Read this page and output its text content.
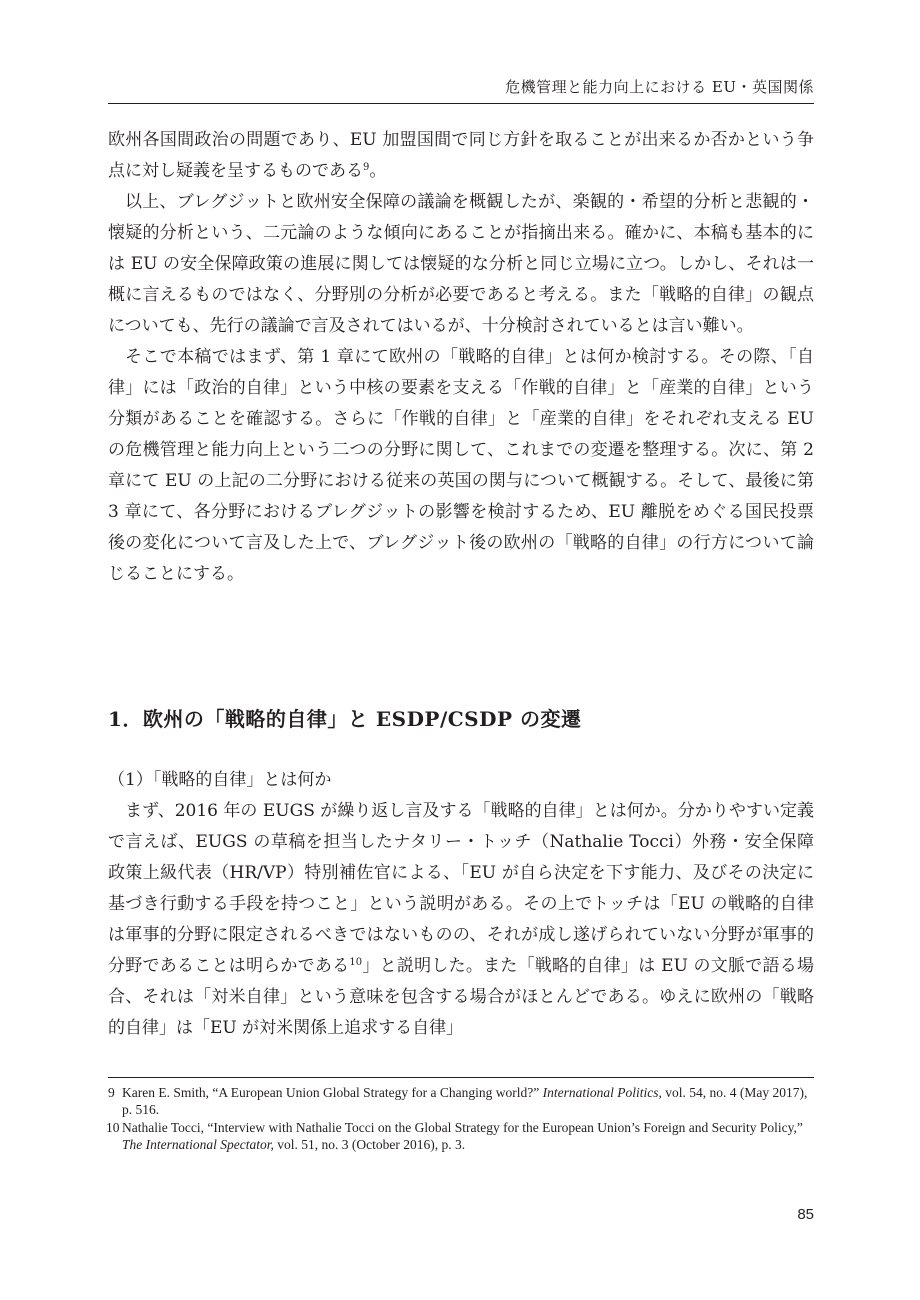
危機管理と能力向上における EU・英国関係

欧州各国間政治の問題であり、EU 加盟国間で同じ方針を取ることが出来るか否かという争点に対し疑義を呈するものである$^9$。

以上、ブレグジットと欧州安全保障の議論を概観したが、楽観的・希望的分析と悲観的・懐疑的分析という、二元論のような傾向にあることが指摘出来る。確かに、本稿も基本的には EU の安全保障政策の進展に関しては懐疑的な分析と同じ立場に立つ。しかし、それは一概に言えるものではなく、分野別の分析が必要であると考える。また「戦略的自律」の観点についても、先行の議論で言及されてはいるが、十分検討されているとは言い難い。

そこで本稿ではまず、第 1 章にて欧州の「戦略的自律」とは何か検討する。その際、「自律」には「政治的自律」という中核の要素を支える「作戦的自律」と「産業的自律」という分類があることを確認する。さらに「作戦的自律」と「産業的自律」をそれぞれ支える EU の危機管理と能力向上という二つの分野に関して、これまでの変遷を整理する。次に、第 2 章にて EU の上記の二分野における従来の英国の関与について概観する。そして、最後に第 3 章にて、各分野におけるブレグジットの影響を検討するため、EU 離脱をめぐる国民投票後の変化について言及した上で、ブレグジット後の欧州の「戦略的自律」の行方について論じることにする。

1．欧州の「戦略的自律」と ESDP/CSDP の変遷

（1）「戦略的自律」とは何か

まず、2016 年の EUGS が繰り返し言及する「戦略的自律」とは何か。分かりやすい定義で言えば、EUGS の草稿を担当したナタリー・トッチ（Nathalie Tocci）外務・安全保障政策上級代表（HR/VP）特別補佐官による、「EU が自ら決定を下す能力、及びその決定に基づき行動する手段を持つこと」という説明がある。その上でトッチは「EU の戦略的自律は軍事的分野に限定されるべきではないものの、それが成し遂げられていない分野が軍事的分野であることは明らかである$^{10}$」と説明した。また「戦略的自律」は EU の文脈で語る場合、それは「対米自律」という意味を包含する場合がほとんどである。ゆえに欧州の「戦略的自律」は「EU が対米関係上追求する自律」

9 Karen E. Smith, “A European Union Global Strategy for a Changing world?” International Politics, vol. 54, no. 4 (May 2017), p. 516.
10 Nathalie Tocci, “Interview with Nathalie Tocci on the Global Strategy for the European Union’s Foreign and Security Policy,” The International Spectator, vol. 51, no. 3 (October 2016), p. 3.
85
